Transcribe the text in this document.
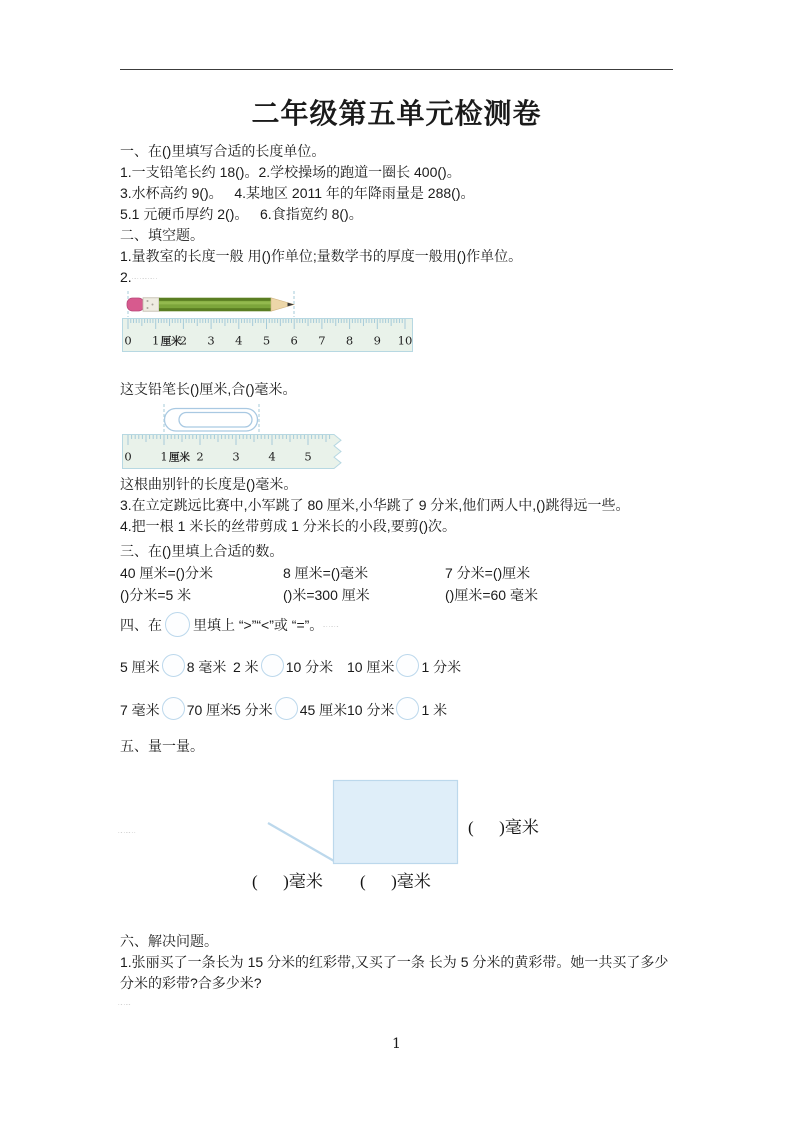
二年级第五单元检测卷

一、在()里填写合适的长度单位。

1.一支铅笔长约 18()。2.学校操场的跑道一圈长 400()。

3.水杯高约 9()。   4.某地区 2011 年的年降雨量是 288()。

5.1 元硬币厚约 2()。   6.食指宽约 8()。

二、填空题。

1.量教室的长度一般 用()作单位;量数学书的厚度一般用()作单位。

2.·‐··‐‐·‐··

0 1 2 3 4 5 6 7 8 9 10
厘米

这支铅笔长()厘米,合()毫米。

0 1 2 3 4 5
厘米

这根曲别针的长度是()毫米。

3.在立定跳远比赛中,小军跳了 80 厘米,小华跳了 9 分米,他们两人中,()跳得远一些。

4.把一根 1 米长的丝带剪成 1 分米长的小段,要剪()次。

三、在()里填上合适的数。

40 厘米=()分米	8 厘米=()毫米	7 分米=()厘米
()分米=5 米	()米=300 厘米	()厘米=60 毫米

四、在 里填上 “>”“<”或 “=”。‐··‐·‐

5 厘米 8 毫米 2 米 10 分米 10 厘米 1 分米
7 毫米 70 厘米
5 分米 45 厘米 10 分米 1 米

五、量一量。

(      )毫米
(      )毫米 (      )毫米

六、解决问题。

1.张丽买了一条长为 15 分米的红彩带,又买了一条 长为 5 分米的黄彩带。她一共买了多少分米的彩带?合多少米?

·‐·‐‐··
·‐·‐‐
1
